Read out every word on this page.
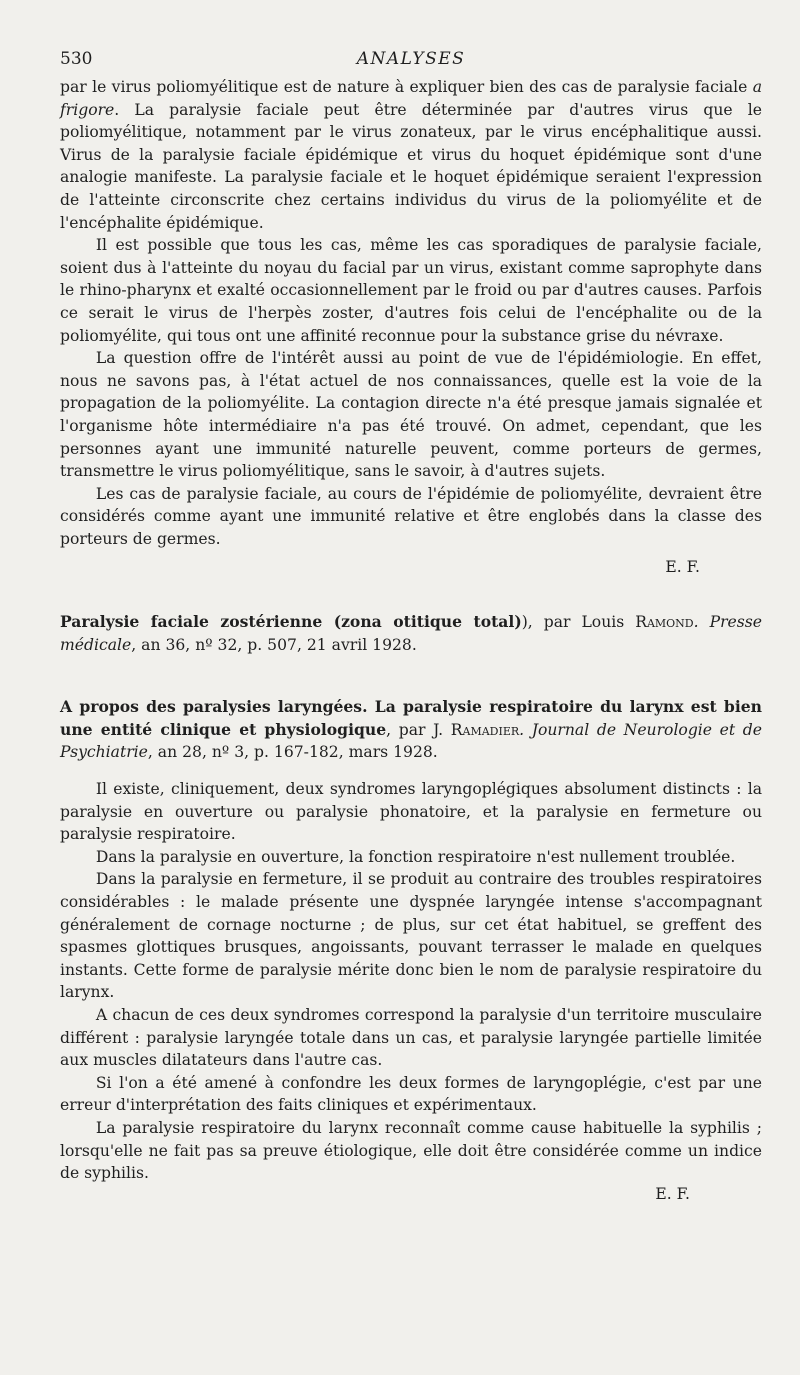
530	ANALYSES

par le virus poliomyélitique est de nature à expliquer bien des cas de paralysie faciale a frigore. La paralysie faciale peut être déterminée par d'autres virus que le poliomyélitique, notamment par le virus zonateux, par le virus encéphalitique aussi. Virus de la paralysie faciale épidémique et virus du hoquet épidémique sont d'une analogie manifeste. La paralysie faciale et le hoquet épidémique seraient l'expression de l'atteinte circonscrite chez certains individus du virus de la poliomyélite et de l'encéphalite épidémique.

Il est possible que tous les cas, même les cas sporadiques de paralysie faciale, soient dus à l'atteinte du noyau du facial par un virus, existant comme saprophyte dans le rhino-pharynx et exalté occasionnellement par le froid ou par d'autres causes. Parfois ce serait le virus de l'herpès zoster, d'autres fois celui de l'encéphalite ou de la poliomyélite, qui tous ont une affinité reconnue pour la substance grise du névraxe.

La question offre de l'intérêt aussi au point de vue de l'épidémiologie. En effet, nous ne savons pas, à l'état actuel de nos connaissances, quelle est la voie de la propagation de la poliomyélite. La contagion directe n'a été presque jamais signalée et l'organisme hôte intermédiaire n'a pas été trouvé. On admet, cependant, que les personnes ayant une immunité naturelle peuvent, comme porteurs de germes, transmettre le virus poliomyélitique, sans le savoir, à d'autres sujets.

Les cas de paralysie faciale, au cours de l'épidémie de poliomyélite, devraient être considérés comme ayant une immunité relative et être englobés dans la classe des porteurs de germes.

E. F.

Paralysie faciale zostérienne (zona otitique total)), par Louis Ramond. Presse médicale, an 36, nº 32, p. 507, 21 avril 1928.
A propos des paralysies laryngées. La paralysie respiratoire du larynx est bien une entité clinique et physiologique, par J. Ramadier. Journal de Neurologie et de Psychiatrie, an 28, nº 3, p. 167-182, mars 1928.

Il existe, cliniquement, deux syndromes laryngoplégiques absolument distincts : la paralysie en ouverture ou paralysie phonatoire, et la paralysie en fermeture ou paralysie respiratoire.

Dans la paralysie en ouverture, la fonction respiratoire n'est nullement troublée.

Dans la paralysie en fermeture, il se produit au contraire des troubles respiratoires considérables : le malade présente une dyspnée laryngée intense s'accompagnant généralement de cornage nocturne ; de plus, sur cet état habituel, se greffent des spasmes glottiques brusques, angoissants, pouvant terrasser le malade en quelques instants. Cette forme de paralysie mérite donc bien le nom de paralysie respiratoire du larynx.

A chacun de ces deux syndromes correspond la paralysie d'un territoire musculaire différent : paralysie laryngée totale dans un cas, et paralysie laryngée partielle limitée aux muscles dilatateurs dans l'autre cas.

Si l'on a été amené à confondre les deux formes de laryngoplégie, c'est par une erreur d'interprétation des faits cliniques et expérimentaux.

La paralysie respiratoire du larynx reconnaît comme cause habituelle la syphilis ; lorsqu'elle ne fait pas sa preuve étiologique, elle doit être considérée comme un indice de syphilis.

E. F.
